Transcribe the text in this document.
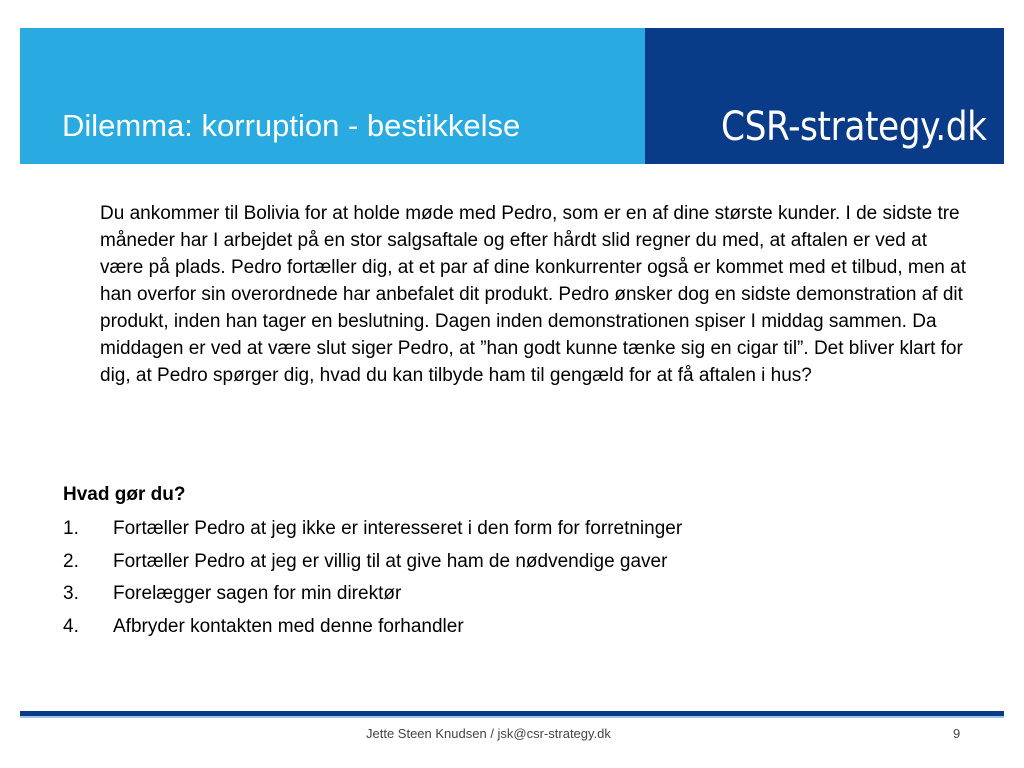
Dilemma: korruption - bestikkelse	CSR-strategy.dk

Du ankommer til Bolivia for at holde møde med Pedro, som er en af dine største kunder. I de sidste tre måneder har I arbejdet på en stor salgsaftale og efter hårdt slid regner du med, at aftalen er ved at være på plads. Pedro fortæller dig, at et par af dine konkurrenter også er kommet med et tilbud, men at han overfor sin overordnede har anbefalet dit produkt. Pedro ønsker dog en sidste demonstration af dit produkt, inden han tager en beslutning. Dagen inden demonstrationen spiser I middag sammen. Da middagen er ved at være slut siger Pedro, at ”han godt kunne tænke sig en cigar til”. Det bliver klart for dig, at Pedro spørger dig, hvad du kan tilbyde ham til gengæld for at få aftalen i hus?

Hvad gør du?

1.	Fortæller Pedro at jeg ikke er interesseret i den form for forretninger
2.	Fortæller Pedro at jeg er villig til at give ham de nødvendige gaver
3.	Forelægger sagen for min direktør
4.	Afbryder kontakten med denne forhandler
Jette Steen Knudsen / jsk@csr-strategy.dk	9
